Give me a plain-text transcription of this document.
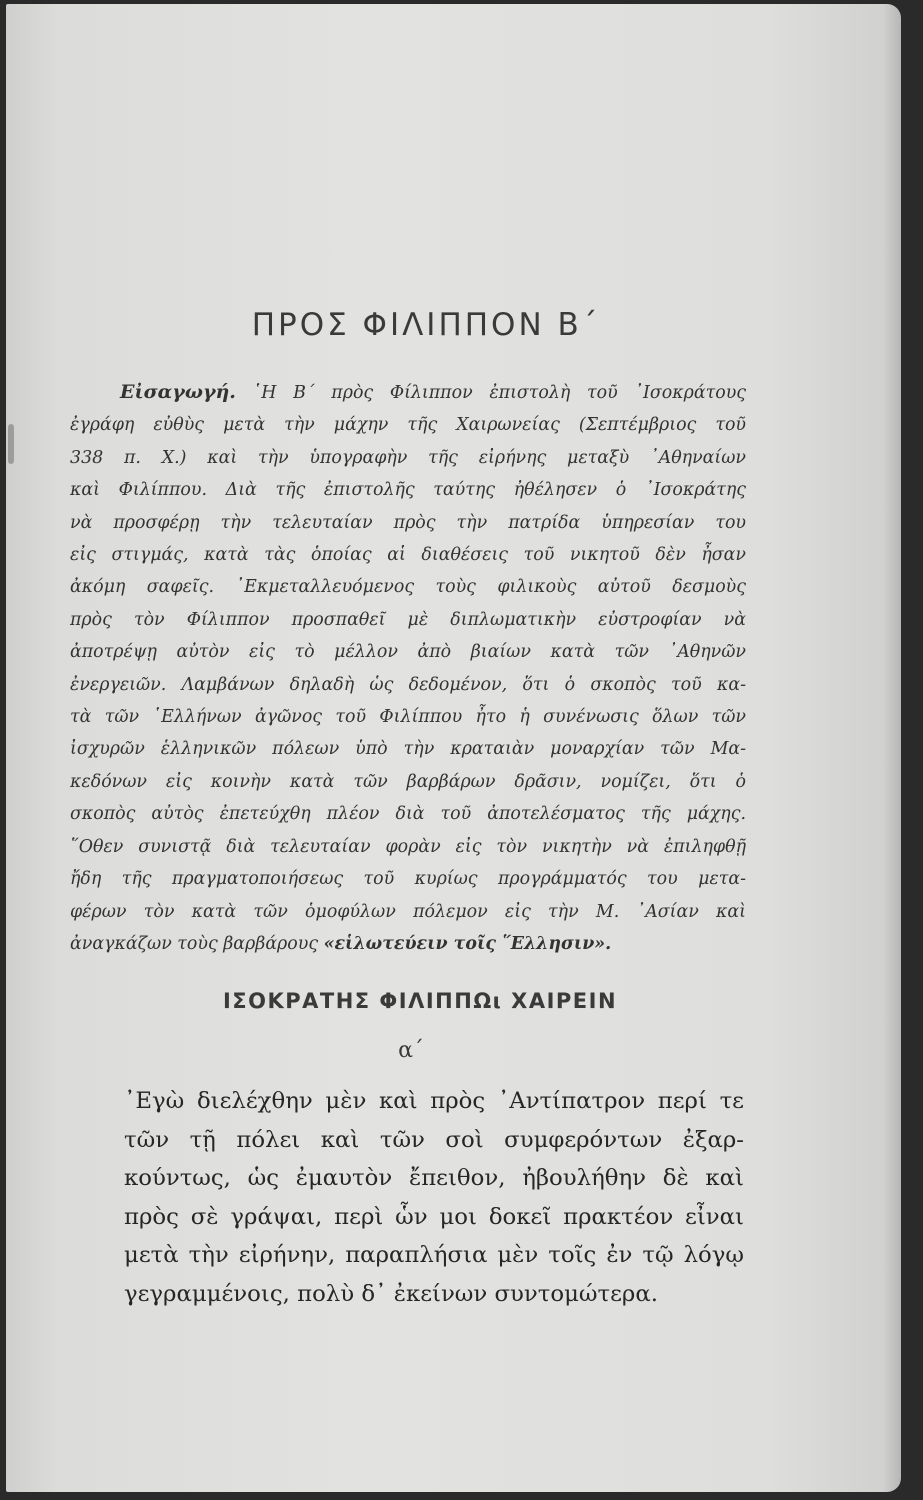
ΠΡΟΣ ΦΙΛΙΠΠΟΝ Β΄
Εἰσαγωγή. ῾Η Β΄ πρὸς Φίλιππον ἐπιστολὴ τοῦ ᾿Ισοκράτους
ἐγράφη εὐθὺς μετὰ τὴν μάχην τῆς Χαιρωνείας (Σεπτέμβριος τοῦ
338 π. Χ.) καὶ τὴν ὑπογραφὴν τῆς εἰρήνης μεταξὺ ᾿Αθηναίων
καὶ Φιλίππου. Διὰ τῆς ἐπιστολῆς ταύτης ἠθέλησεν ὁ ᾿Ισοκράτης
νὰ προσφέρῃ τὴν τελευταίαν πρὸς τὴν πατρίδα ὑπηρεσίαν του
εἰς στιγμάς, κατὰ τὰς ὁποίας αἱ διαθέσεις τοῦ νικητοῦ δὲν ἦσαν
ἀκόμη σαφεῖς. ᾿Εκμεταλλευόμενος τοὺς φιλικοὺς αὐτοῦ δεσμοὺς
πρὸς τὸν Φίλιππον προσπαθεῖ μὲ διπλωματικὴν εὐστροφίαν νὰ
ἀποτρέψῃ αὐτὸν εἰς τὸ μέλλον ἀπὸ βιαίων κατὰ τῶν ᾿Αθηνῶν
ἐνεργειῶν. Λαμβάνων δηλαδὴ ὡς δεδομένον, ὅτι ὁ σκοπὸς τοῦ κα-
τὰ τῶν ῾Ελλήνων ἀγῶνος τοῦ Φιλίππου ἦτο ἡ συνένωσις ὅλων τῶν
ἰσχυρῶν ἑλληνικῶν πόλεων ὑπὸ τὴν κραταιὰν μοναρχίαν τῶν Μα-
κεδόνων εἰς κοινὴν κατὰ τῶν βαρβάρων δρᾶσιν, νομίζει, ὅτι ὁ
σκοπὸς αὐτὸς ἐπετεύχθη πλέον διὰ τοῦ ἀποτελέσματος τῆς μάχης.
῞Οθεν συνιστᾷ διὰ τελευταίαν φορὰν εἰς τὸν νικητὴν νὰ ἐπιληφθῇ
ἤδη τῆς πραγματοποιήσεως τοῦ κυρίως προγράμματός του μετα-
φέρων τὸν κατὰ τῶν ὁμοφύλων πόλεμον εἰς τὴν Μ. ᾿Ασίαν καὶ
ἀναγκάζων τοὺς βαρβάρους «εἱλωτεύειν τοῖς ῞Ελλησιν».
ΙΣΟΚΡΑΤΗΣ ΦΙΛΙΠΠΩι ΧΑΙΡΕΙΝ
α΄
᾿Εγὼ διελέχθην μὲν καὶ πρὸς ᾿Αντίπατρον περί τε
τῶν τῇ πόλει καὶ τῶν σοὶ συμφερόντων ἐξαρ-
κούντως, ὡς ἐμαυτὸν ἔπειθον, ἠβουλήθην δὲ καὶ
πρὸς σὲ γράψαι, περὶ ὧν μοι δοκεῖ πρακτέον εἶναι
μετὰ τὴν εἰρήνην, παραπλήσια μὲν τοῖς ἐν τῷ λόγῳ
γεγραμμένοις, πολὺ δ᾿ ἐκείνων συντομώτερα.
